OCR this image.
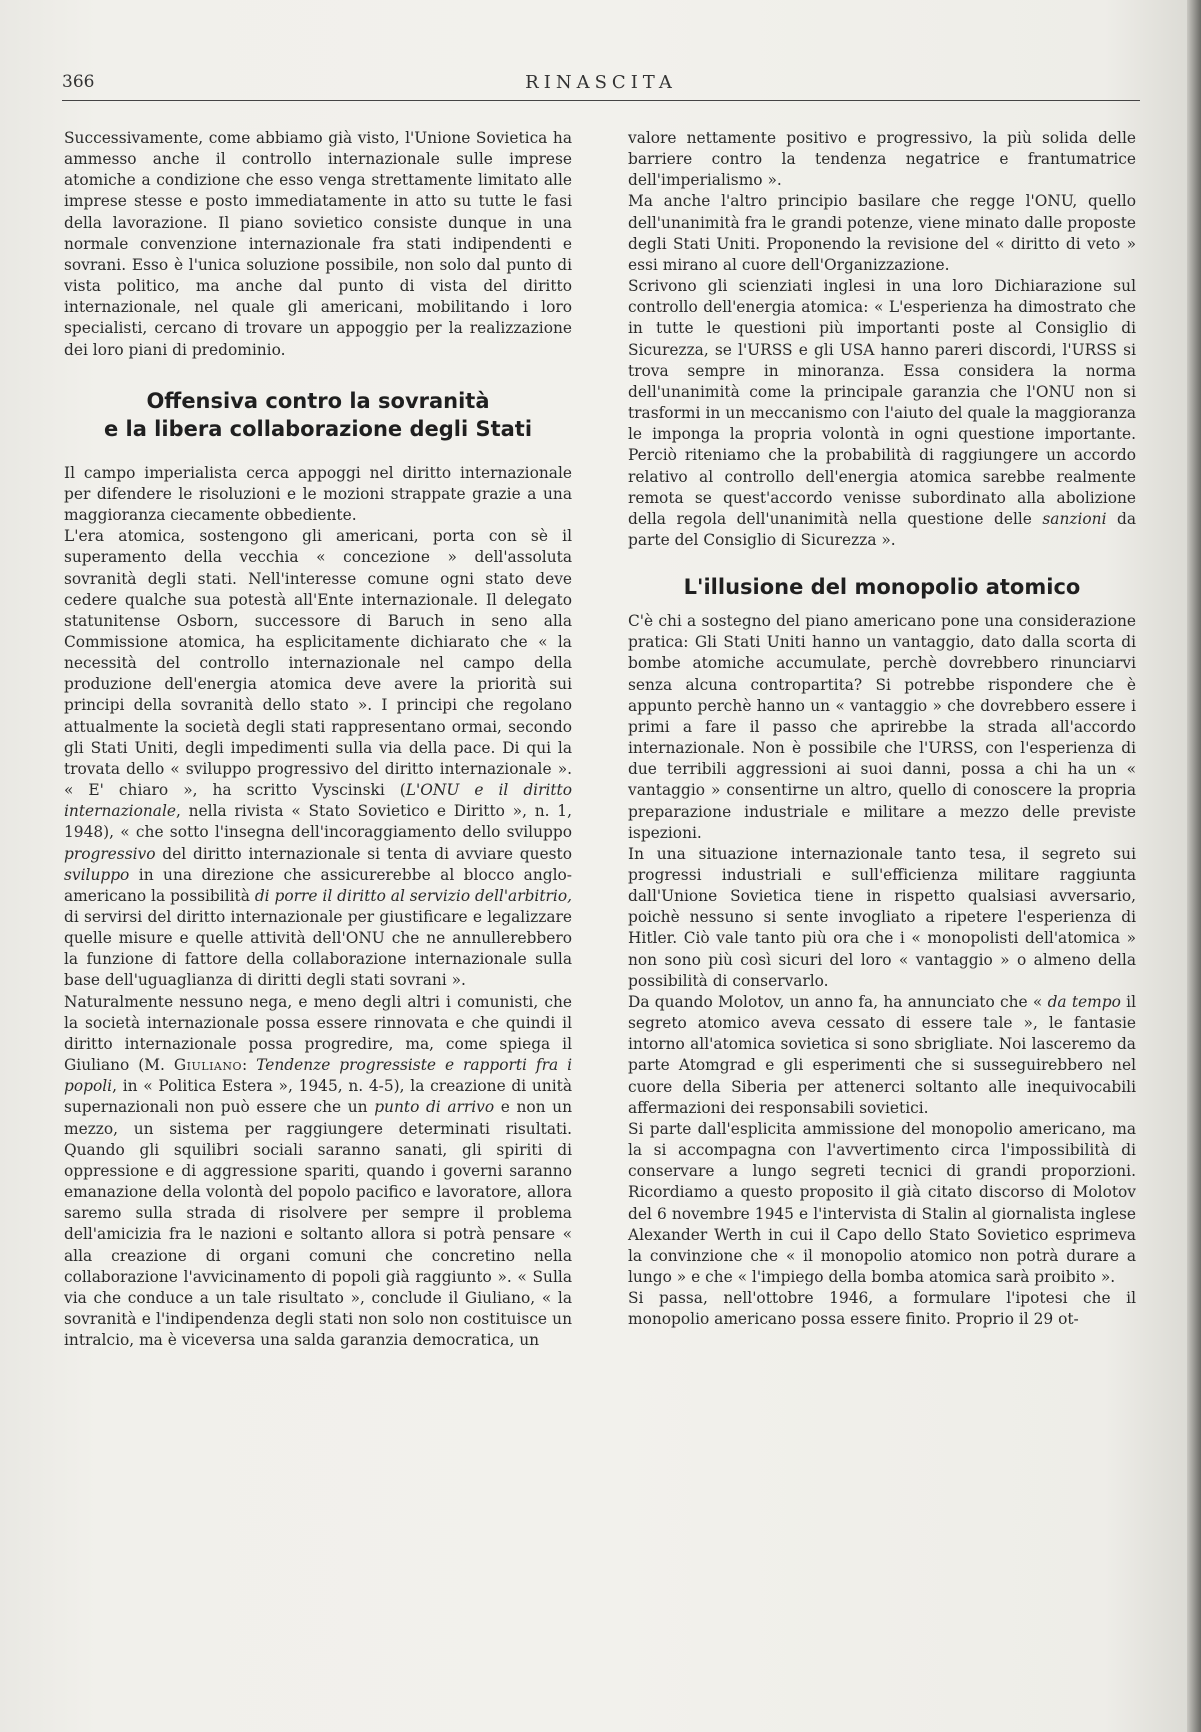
366	RINASCITA

Successivamente, come abbiamo già visto, l'Unione Sovietica ha ammesso anche il controllo internazionale sulle imprese atomiche a condizione che esso venga strettamente limitato alle imprese stesse e posto immediatamente in atto su tutte le fasi della lavorazione. Il piano sovietico consiste dunque in una normale convenzione internazionale fra stati indipendenti e sovrani. Esso è l'unica soluzione possibile, non solo dal punto di vista politico, ma anche dal punto di vista del diritto internazionale, nel quale gli americani, mobilitando i loro specialisti, cercano di trovare un appoggio per la realizzazione dei loro piani di predominio.

Offensiva contro la sovranità
e la libera collaborazione degli Stati

Il campo imperialista cerca appoggi nel diritto internazionale per difendere le risoluzioni e le mozioni strappate grazie a una maggioranza ciecamente obbediente.

L'era atomica, sostengono gli americani, porta con sè il superamento della vecchia « concezione » dell'assoluta sovranità degli stati. Nell'interesse comune ogni stato deve cedere qualche sua potestà all'Ente internazionale. Il delegato statunitense Osborn, successore di Baruch in seno alla Commissione atomica, ha esplicitamente dichiarato che « la necessità del controllo internazionale nel campo della produzione dell'energia atomica deve avere la priorità sui principi della sovranità dello stato ». I principi che regolano attualmente la società degli stati rappresentano ormai, secondo gli Stati Uniti, degli impedimenti sulla via della pace. Di qui la trovata dello « sviluppo progressivo del diritto internazionale ». « E' chiaro », ha scritto Vyscinski (L'ONU e il diritto internazionale, nella rivista « Stato Sovietico e Diritto », n. 1, 1948), « che sotto l'insegna dell'incoraggiamento dello sviluppo progressivo del diritto internazionale si tenta di avviare questo sviluppo in una direzione che assicurerebbe al blocco anglo-americano la possibilità di porre il diritto al servizio dell'arbitrio, di servirsi del diritto internazionale per giustificare e legalizzare quelle misure e quelle attività dell'ONU che ne annullerebbero la funzione di fattore della collaborazione internazionale sulla base dell'uguaglianza di diritti degli stati sovrani ».

Naturalmente nessuno nega, e meno degli altri i comunisti, che la società internazionale possa essere rinnovata e che quindi il diritto internazionale possa progredire, ma, come spiega il Giuliano (M. Giuliano: Tendenze progressiste e rapporti fra i popoli, in « Politica Estera », 1945, n. 4-5), la creazione di unità supernazionali non può essere che un punto di arrivo e non un mezzo, un sistema per raggiungere determinati risultati. Quando gli squilibri sociali saranno sanati, gli spiriti di oppressione e di aggressione spariti, quando i governi saranno emanazione della volontà del popolo pacifico e lavoratore, allora saremo sulla strada di risolvere per sempre il problema dell'amicizia fra le nazioni e soltanto allora si potrà pensare « alla creazione di organi comuni che concretino nella collaborazione l'avvicinamento di popoli già raggiunto ». « Sulla via che conduce a un tale risultato », conclude il Giuliano, « la sovranità e l'indipendenza degli stati non solo non costituisce un intralcio, ma è viceversa una salda garanzia democratica, un

valore nettamente positivo e progressivo, la più solida delle barriere contro la tendenza negatrice e frantumatrice dell'imperialismo ».

Ma anche l'altro principio basilare che regge l'ONU, quello dell'unanimità fra le grandi potenze, viene minato dalle proposte degli Stati Uniti. Proponendo la revisione del « diritto di veto » essi mirano al cuore dell'Organizzazione.

Scrivono gli scienziati inglesi in una loro Dichiarazione sul controllo dell'energia atomica: « L'esperienza ha dimostrato che in tutte le questioni più importanti poste al Consiglio di Sicurezza, se l'URSS e gli USA hanno pareri discordi, l'URSS si trova sempre in minoranza. Essa considera la norma dell'unanimità come la principale garanzia che l'ONU non si trasformi in un meccanismo con l'aiuto del quale la maggioranza le imponga la propria volontà in ogni questione importante. Perciò riteniamo che la probabilità di raggiungere un accordo relativo al controllo dell'energia atomica sarebbe realmente remota se quest'accordo venisse subordinato alla abolizione della regola dell'unanimità nella questione delle sanzioni da parte del Consiglio di Sicurezza ».

L'illusione del monopolio atomico

C'è chi a sostegno del piano americano pone una considerazione pratica: Gli Stati Uniti hanno un vantaggio, dato dalla scorta di bombe atomiche accumulate, perchè dovrebbero rinunciarvi senza alcuna contropartita? Si potrebbe rispondere che è appunto perchè hanno un « vantaggio » che dovrebbero essere i primi a fare il passo che aprirebbe la strada all'accordo internazionale. Non è possibile che l'URSS, con l'esperienza di due terribili aggressioni ai suoi danni, possa a chi ha un « vantaggio » consentirne un altro, quello di conoscere la propria preparazione industriale e militare a mezzo delle previste ispezioni.

In una situazione internazionale tanto tesa, il segreto sui progressi industriali e sull'efficienza militare raggiunta dall'Unione Sovietica tiene in rispetto qualsiasi avversario, poichè nessuno si sente invogliato a ripetere l'esperienza di Hitler. Ciò vale tanto più ora che i « monopolisti dell'atomica » non sono più così sicuri del loro « vantaggio » o almeno della possibilità di conservarlo.

Da quando Molotov, un anno fa, ha annunciato che « da tempo il segreto atomico aveva cessato di essere tale », le fantasie intorno all'atomica sovietica si sono sbrigliate. Noi lasceremo da parte Atomgrad e gli esperimenti che si susseguirebbero nel cuore della Siberia per attenerci soltanto alle inequivocabili affermazioni dei responsabili sovietici.

Si parte dall'esplicita ammissione del monopolio americano, ma la si accompagna con l'avvertimento circa l'impossibilità di conservare a lungo segreti tecnici di grandi proporzioni. Ricordiamo a questo proposito il già citato discorso di Molotov del 6 novembre 1945 e l'intervista di Stalin al giornalista inglese Alexander Werth in cui il Capo dello Stato Sovietico esprimeva la convinzione che « il monopolio atomico non potrà durare a lungo » e che « l'impiego della bomba atomica sarà proibito ».

Si passa, nell'ottobre 1946, a formulare l'ipotesi che il monopolio americano possa essere finito. Proprio il 29 ot-
